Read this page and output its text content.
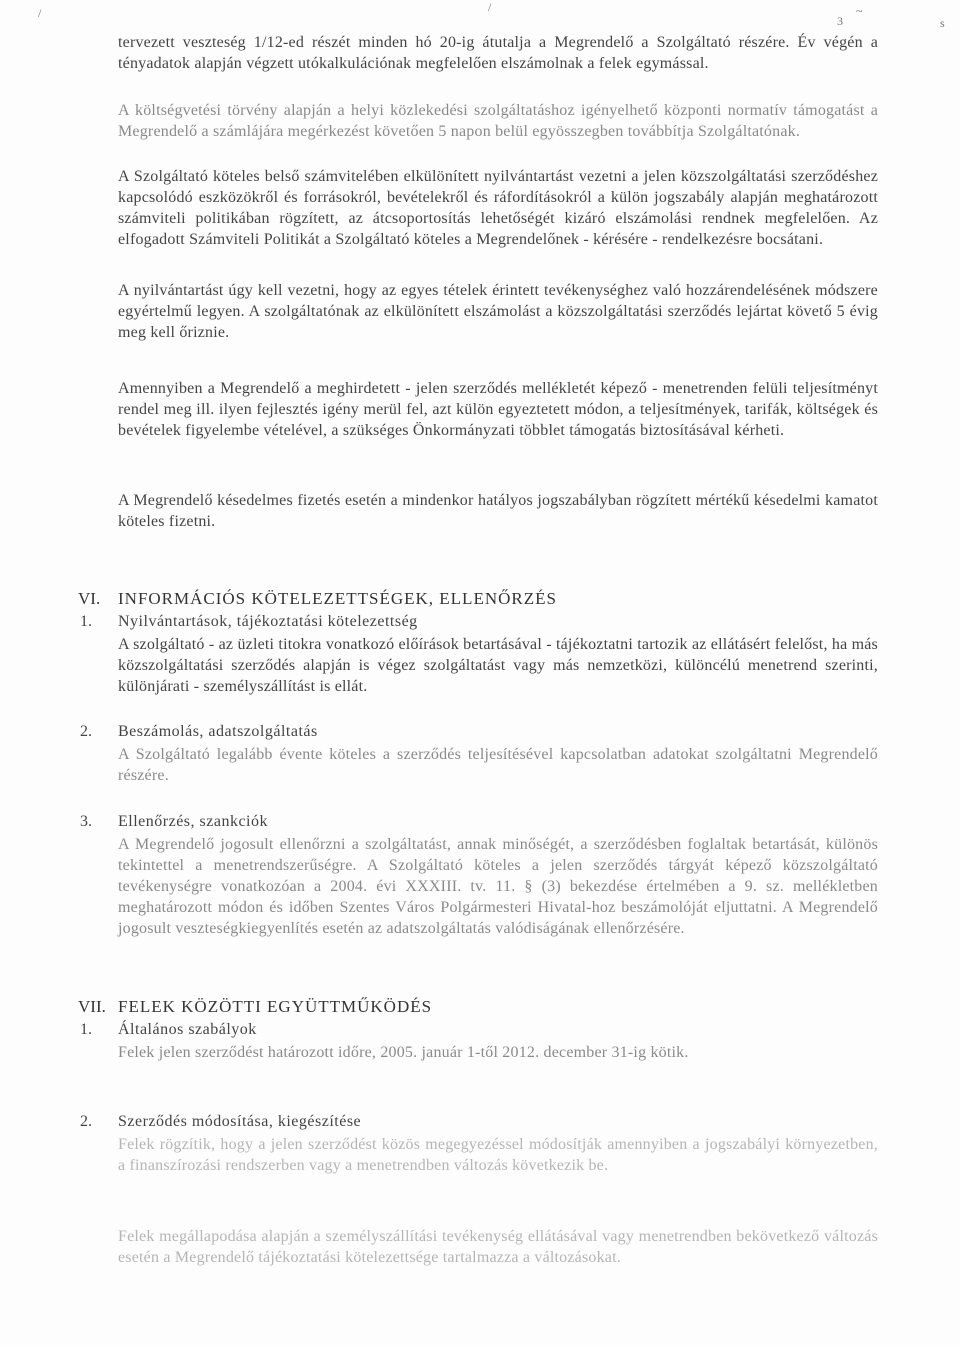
/	/
3
~
s

tervezett veszteség 1/12-ed részét minden hó 20-ig átutalja a Megrendelő a Szolgáltató részére. Év végén a tényadatok alapján végzett utókalkulációnak megfelelően elszámolnak a felek egymással.

A költségvetési törvény alapján a helyi közlekedési szolgáltatáshoz igényelhető központi normatív támogatást a Megrendelő a számlájára megérkezést követően 5 napon belül egyösszegben továbbítja Szolgáltatónak.

A Szolgáltató köteles belső számvitelében elkülönített nyilvántartást vezetni a jelen közszolgáltatási szerződéshez kapcsolódó eszközökről és forrásokról, bevételekről és ráfordításokról a külön jogszabály alapján meghatározott számviteli politikában rögzített, az átcsoportosítás lehetőségét kizáró elszámolási rendnek megfelelően. Az elfogadott Számviteli Politikát a Szolgáltató köteles a Megrendelőnek - kérésére - rendelkezésre bocsátani.

A nyilvántartást úgy kell vezetni, hogy az egyes tételek érintett tevékenységhez való hozzárendelésének módszere egyértelmű legyen. A szolgáltatónak az elkülönített elszámolást a közszolgáltatási szerződés lejártat követő 5 évig meg kell őriznie.

Amennyiben a Megrendelő a meghirdetett - jelen szerződés mellékletét képező - menetrenden felüli teljesítményt rendel meg ill. ilyen fejlesztés igény merül fel, azt külön egyeztetett módon, a teljesítmények, tarifák, költségek és bevételek figyelembe vételével, a szükséges Önkormányzati többlet támogatás biztosításával kérheti.

A Megrendelő késedelmes fizetés esetén a mindenkor hatályos jogszabályban rögzített mértékű késedelmi kamatot köteles fizetni.

VI.	INFORMÁCIÓS KÖTELEZETTSÉGEK, ELLENŐRZÉS
1.	Nyilvántartások, tájékoztatási kötelezettség

A szolgáltató - az üzleti titokra vonatkozó előírások betartásával - tájékoztatni tartozik az ellátásért felelőst, ha más közszolgáltatási szerződés alapján is végez szolgáltatást vagy más nemzetközi, különcélú menetrend szerinti, különjárati - személyszállítást is ellát.

2.	Beszámolás, adatszolgáltatás

A Szolgáltató legalább évente köteles a szerződés teljesítésével kapcsolatban adatokat szolgáltatni Megrendelő részére.

3.	Ellenőrzés, szankciók

A Megrendelő jogosult ellenőrzni a szolgáltatást, annak minőségét, a szerződésben foglaltak betartását, különös tekintettel a menetrendszerűségre. A Szolgáltató köteles a jelen szerződés tárgyát képező közszolgáltató tevékenységre vonatkozóan a 2004. évi XXXIII. tv. 11. § (3) bekezdése értelmében a 9. sz. mellékletben meghatározott módon és időben Szentes Város Polgármesteri Hivatal-hoz beszámolóját eljuttatni. A Megrendelő jogosult veszteségkiegyenlítés esetén az adatszolgáltatás valódiságának ellenőrzésére.

VII. FELEK KÖZÖTTI EGYÜTTMŰKÖDÉS
1.	Általános szabályok

Felek jelen szerződést határozott időre, 2005. január 1-től 2012. december 31-ig kötik.

2.	Szerződés módosítása, kiegészítése

Felek rögzítik, hogy a jelen szerződést közös megegyezéssel módosítják amennyiben a jogszabályi környezetben, a finanszírozási rendszerben vagy a menetrendben változás következik be.

Felek megállapodása alapján a személyszállítási tevékenység ellátásával vagy menetrendben bekövetkező változás esetén a Megrendelő tájékoztatási kötelezettsége tartalmazza a változásokat.
